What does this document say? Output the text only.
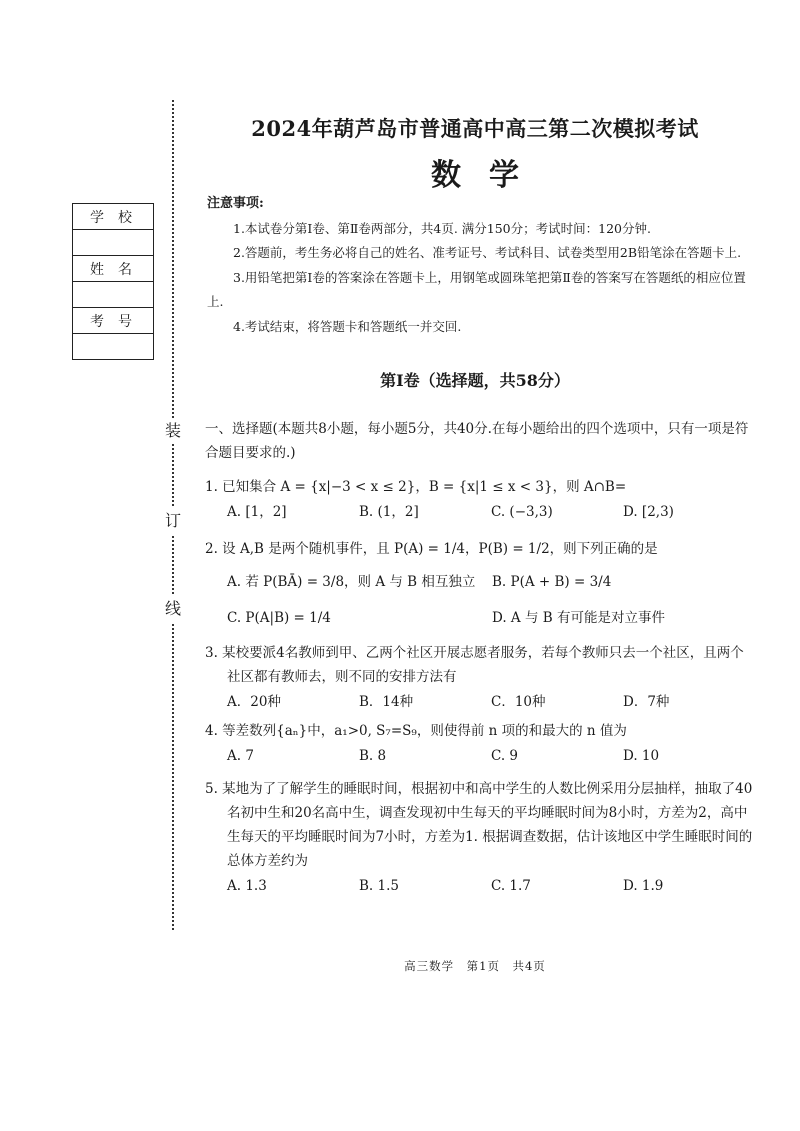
装
订
线
学校

姓名

考号

2024年葫芦岛市普通高中高三第二次模拟考试
数学

注意事项:

1.本试卷分第Ⅰ卷、第Ⅱ卷两部分，共4页. 满分150分；考试时间：120分钟.

2.答题前，考生务必将自己的姓名、准考证号、考试科目、试卷类型用2B铅笔涂在答题卡上.

3.用铅笔把第Ⅰ卷的答案涂在答题卡上，用钢笔或圆珠笔把第Ⅱ卷的答案写在答题纸的相应位置上.

4.考试结束，将答题卡和答题纸一并交回.

第Ⅰ卷（选择题，共58分）

一、选择题(本题共8小题，每小题5分，共40分.在每小题给出的四个选项中，只有一项是符合题目要求的.)

1. 已知集合 A = {x|−3 < x ≤ 2}，B = {x|1 ≤ x < 3}，则 A∩B=

A. [1，2]	B. (1，2]	C. (−3,3)	D. [2,3)

2. 设 A,B 是两个随机事件，且 P(A) = 1/4，P(B) = 1/2，则下列正确的是

A. 若 P(BĀ) = 3/8，则 A 与 B 相互独立	B. P(A + B) = 3/4
C. P(A|B) = 1/4	D. A 与 B 有可能是对立事件

3. 某校要派4名教师到甲、乙两个社区开展志愿者服务，若每个教师只去一个社区，且两个社区都有教师去，则不同的安排方法有

A．20种	B．14种	C．10种	D．7种

4. 等差数列{aₙ}中，a₁>0, S₇=S₉，则使得前 n 项的和最大的 n 值为

A. 7	B. 8	C. 9	D. 10

5. 某地为了了解学生的睡眠时间，根据初中和高中学生的人数比例采用分层抽样，抽取了40名初中生和20名高中生，调查发现初中生每天的平均睡眠时间为8小时，方差为2，高中生每天的平均睡眠时间为7小时，方差为1. 根据调查数据，估计该地区中学生睡眠时间的总体方差约为

A. 1.3	B. 1.5	C. 1.7	D. 1.9
高三数学　第1页　共4页
